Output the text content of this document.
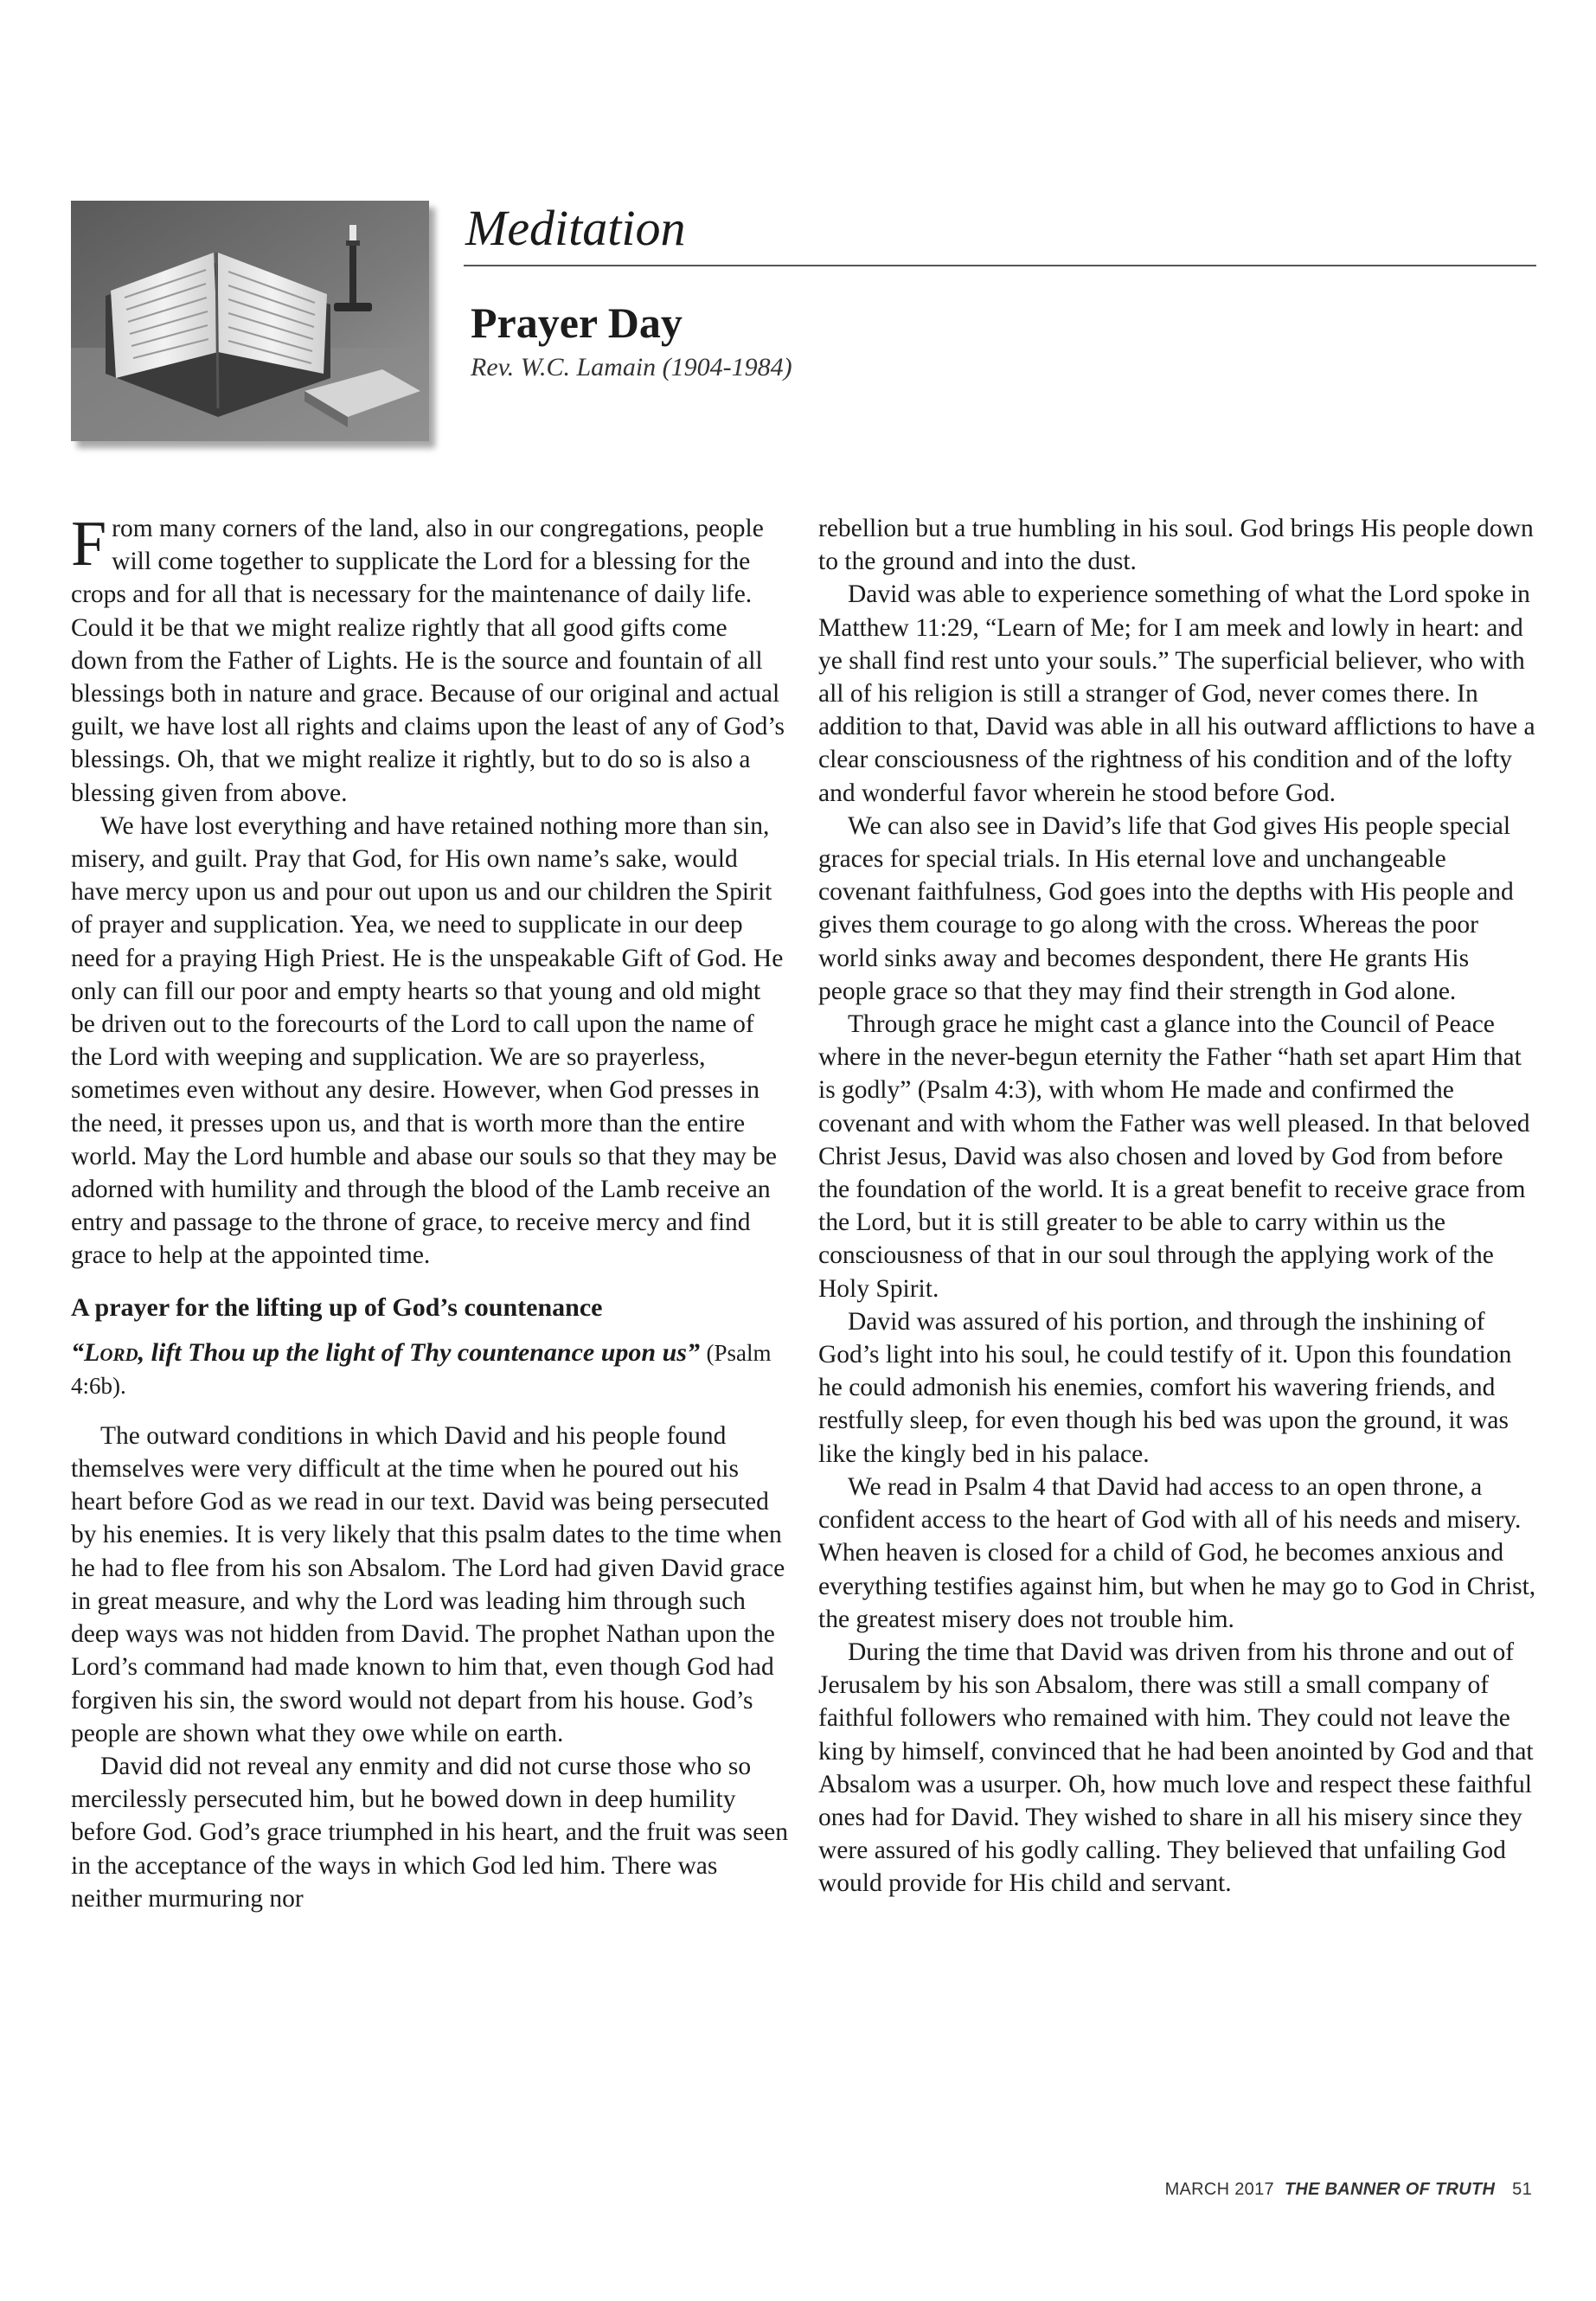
Meditation
Prayer Day
Rev. W.C. Lamain (1904-1984)

From many corners of the land, also in our congregations, people will come together to supplicate the Lord for a blessing for the crops and for all that is necessary for the maintenance of daily life. Could it be that we might realize rightly that all good gifts come down from the Father of Lights. He is the source and fountain of all blessings both in nature and grace. Because of our original and actual guilt, we have lost all rights and claims upon the least of any of God’s blessings. Oh, that we might realize it rightly, but to do so is also a blessing given from above.

We have lost everything and have retained nothing more than sin, misery, and guilt. Pray that God, for His own name’s sake, would have mercy upon us and pour out upon us and our children the Spirit of prayer and supplication. Yea, we need to supplicate in our deep need for a praying High Priest. He is the unspeakable Gift of God. He only can fill our poor and empty hearts so that young and old might be driven out to the forecourts of the Lord to call upon the name of the Lord with weeping and supplication. We are so prayerless, sometimes even without any desire. However, when God presses in the need, it presses upon us, and that is worth more than the entire world. May the Lord humble and abase our souls so that they may be adorned with humility and through the blood of the Lamb receive an entry and passage to the throne of grace, to receive mercy and find grace to help at the appointed time.

A prayer for the lifting up of God’s countenance
“Lord, lift Thou up the light of Thy countenance upon us” (Psalm 4:6b).

The outward conditions in which David and his people found themselves were very difficult at the time when he poured out his heart before God as we read in our text. David was being persecuted by his enemies. It is very likely that this psalm dates to the time when he had to flee from his son Absalom. The Lord had given David grace in great measure, and why the Lord was leading him through such deep ways was not hidden from David. The prophet Nathan upon the Lord’s command had made known to him that, even though God had forgiven his sin, the sword would not depart from his house. God’s people are shown what they owe while on earth.

David did not reveal any enmity and did not curse those who so mercilessly persecuted him, but he bowed down in deep humility before God. God’s grace triumphed in his heart, and the fruit was seen in the acceptance of the ways in which God led him. There was neither murmuring nor

rebellion but a true humbling in his soul. God brings His people down to the ground and into the dust.

David was able to experience something of what the Lord spoke in Matthew 11:29, “Learn of Me; for I am meek and lowly in heart: and ye shall find rest unto your souls.” The superficial believer, who with all of his religion is still a stranger of God, never comes there. In addition to that, David was able in all his outward afflictions to have a clear consciousness of the rightness of his condition and of the lofty and wonderful favor wherein he stood before God.

We can also see in David’s life that God gives His people special graces for special trials. In His eternal love and unchangeable covenant faithfulness, God goes into the depths with His people and gives them courage to go along with the cross. Whereas the poor world sinks away and becomes despondent, there He grants His people grace so that they may find their strength in God alone.

Through grace he might cast a glance into the Council of Peace where in the never-begun eternity the Father “hath set apart Him that is godly” (Psalm 4:3), with whom He made and confirmed the covenant and with whom the Father was well pleased. In that beloved Christ Jesus, David was also chosen and loved by God from before the foundation of the world. It is a great benefit to receive grace from the Lord, but it is still greater to be able to carry within us the consciousness of that in our soul through the applying work of the Holy Spirit.

David was assured of his portion, and through the inshining of God’s light into his soul, he could testify of it. Upon this foundation he could admonish his enemies, comfort his wavering friends, and restfully sleep, for even though his bed was upon the ground, it was like the kingly bed in his palace.

We read in Psalm 4 that David had access to an open throne, a confident access to the heart of God with all of his needs and misery. When heaven is closed for a child of God, he becomes anxious and everything testifies against him, but when he may go to God in Christ, the greatest misery does not trouble him.

During the time that David was driven from his throne and out of Jerusalem by his son Absalom, there was still a small company of faithful followers who remained with him. They could not leave the king by himself, convinced that he had been anointed by God and that Absalom was a usurper. Oh, how much love and respect these faithful ones had for David. They wished to share in all his misery since they were assured of his godly calling. They believed that unfailing God would provide for His child and servant.

MARCH 2017 THE BANNER OF TRUTH 51
